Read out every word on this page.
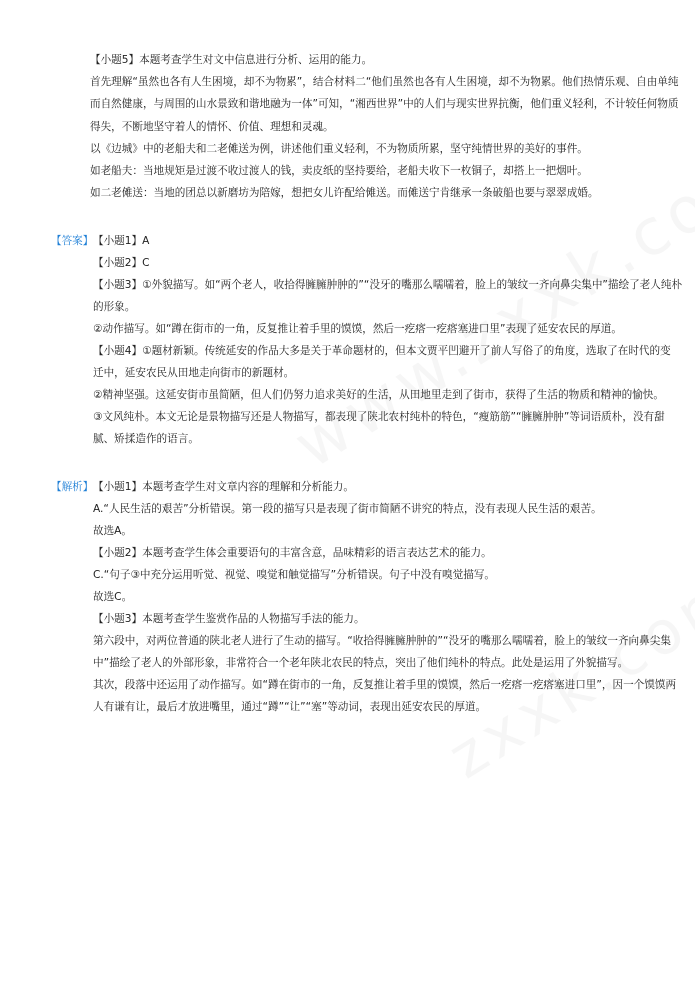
【小题5】本题考查学生对文中信息进行分析、运用的能力。
首先理解“虽然也各有人生困境，却不为物累”，结合材料二“他们虽然也各有人生困境，却不为物累。他们热情乐观、自由单纯
而自然健康，与周围的山水景致和谐地融为一体”可知，“湘西世界”中的人们与现实世界抗衡，他们重义轻利，不计较任何物质
得失，不断地坚守着人的情怀、价值、理想和灵魂。
以《边城》中的老船夫和二老傩送为例，讲述他们重义轻利，不为物质所累，坚守纯情世界的美好的事件。
如老船夫：当地规矩是过渡不收过渡人的钱，卖皮纸的坚持要给，老船夫收下一枚铜子，却搭上一把烟叶。
如二老傩送：当地的团总以新磨坊为陪嫁，想把女儿许配给傩送。而傩送宁肯继承一条破船也要与翠翠成婚。
【答案】 【小题1】A
【小题2】C
【小题3】①外貌描写。如“两个老人，收拾得臃臃肿肿的”“没牙的嘴那么嚅嚅着，脸上的皱纹一齐向鼻尖集中”描绘了老人纯朴
的形象。
②动作描写。如“蹲在街市的一角，反复推让着手里的馍馍，然后一疙瘩一疙瘩塞进口里”表现了延安农民的厚道。
【小题4】①题材新颖。传统延安的作品大多是关于革命题材的，但本文贾平凹避开了前人写俗了的角度，选取了在时代的变
迁中，延安农民从田地走向街市的新题材。
②精神坚强。这延安街市虽简陋，但人们仍努力追求美好的生活，从田地里走到了街市，获得了生活的物质和精神的愉快。
③文风纯朴。本文无论是景物描写还是人物描写，都表现了陕北农村纯朴的特色，“瘦筋筋”“臃臃肿肿”等词语质朴，没有甜
腻、矫揉造作的语言。
【解析】 【小题1】本题考查学生对文章内容的理解和分析能力。
A.“人民生活的艰苦”分析错误。第一段的描写只是表现了街市简陋不讲究的特点，没有表现人民生活的艰苦。
故选A。
【小题2】本题考查学生体会重要语句的丰富含意，品味精彩的语言表达艺术的能力。
C.“句子③中充分运用听觉、视觉、嗅觉和触觉描写”分析错误。句子中没有嗅觉描写。
故选C。
【小题3】本题考查学生鉴赏作品的人物描写手法的能力。
第六段中，对两位普通的陕北老人进行了生动的描写。“收拾得臃臃肿肿的”“没牙的嘴那么嚅嚅着，脸上的皱纹一齐向鼻尖集
中”描绘了老人的外部形象，非常符合一个老年陕北农民的特点，突出了他们纯朴的特点。此处是运用了外貌描写。
其次，段落中还运用了动作描写。如“蹲在街市的一角，反复推让着手里的馍馍，然后一疙瘩一疙瘩塞进口里”，因一个馍馍两
人有谦有让，最后才放进嘴里，通过“蹲”“让”“塞”等动词，表现出延安农民的厚道。
